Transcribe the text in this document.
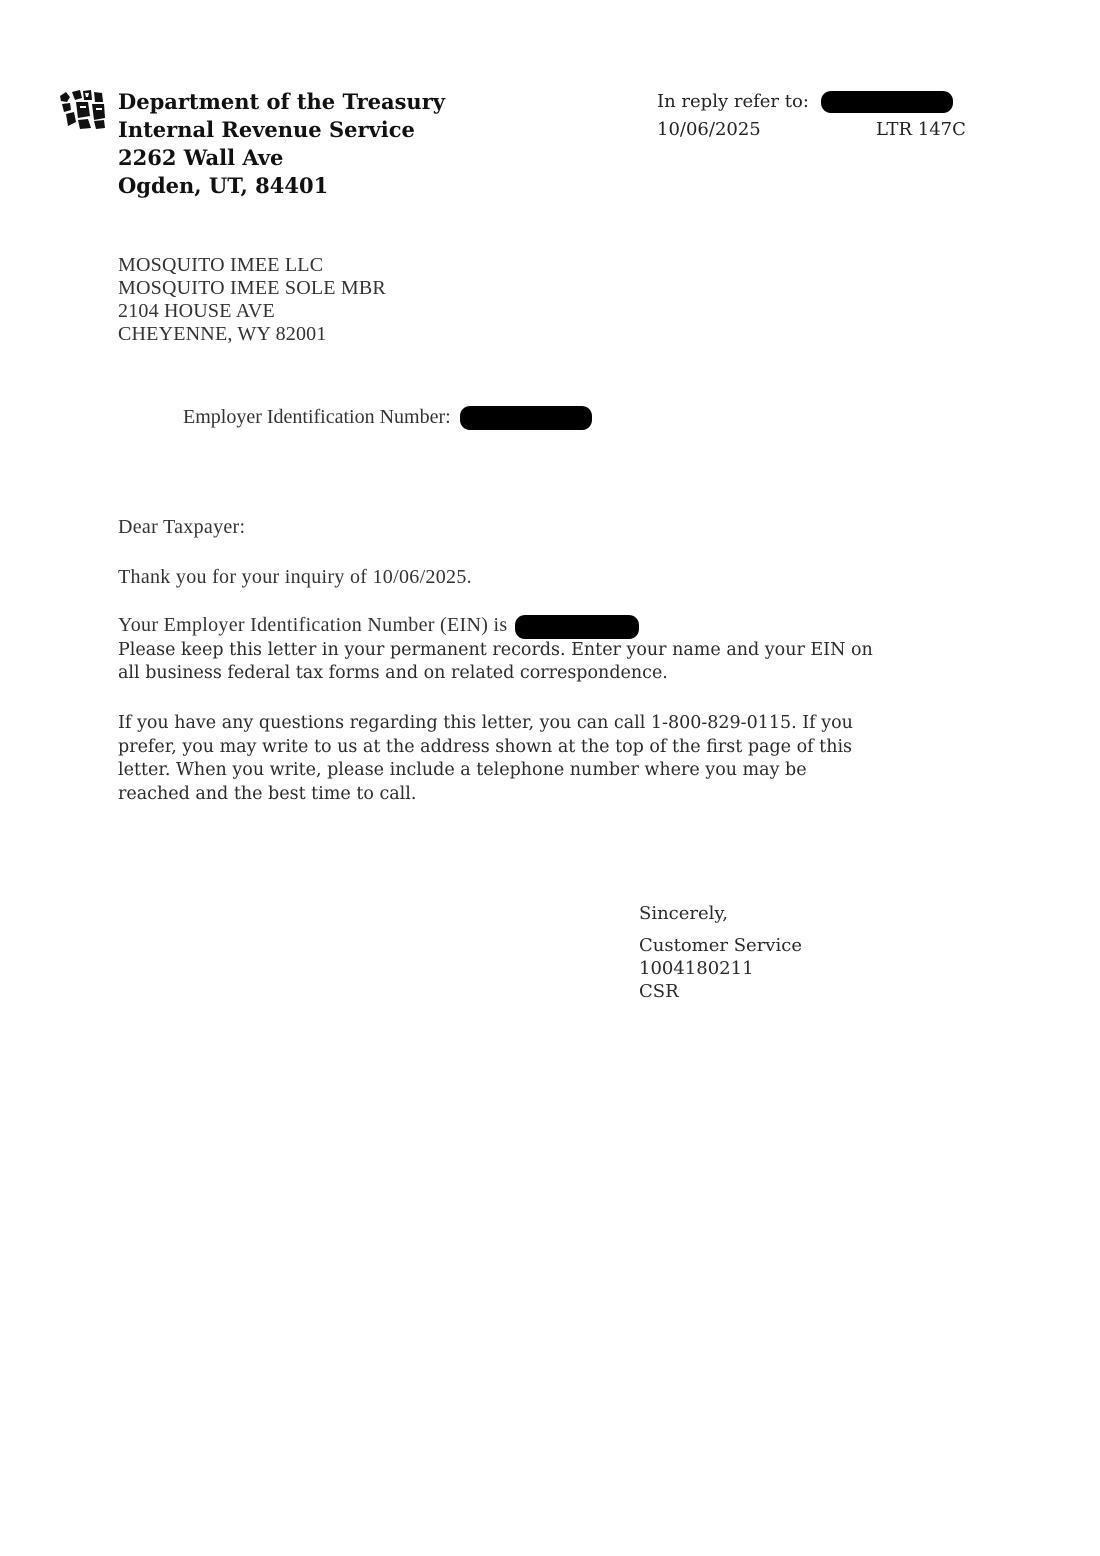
Department of the Treasury
Internal Revenue Service
2262 Wall Ave
Ogden, UT, 84401
In reply refer to:
10/06/2025	LTR 147C
MOSQUITO IMEE LLC
MOSQUITO IMEE SOLE MBR
2104 HOUSE AVE
CHEYENNE, WY 82001
Employer Identification Number:
Dear Taxpayer:
Thank you for your inquiry of 10/06/2025.
Your Employer Identification Number (EIN) is
Please keep this letter in your permanent records. Enter your name and your EIN on
all business federal tax forms and on related correspondence.
If you have any questions regarding this letter, you can call 1-800-829-0115. If you
prefer, you may write to us at the address shown at the top of the first page of this
letter. When you write, please include a telephone number where you may be
reached and the best time to call.
Sincerely,
Customer Service
1004180211
CSR
